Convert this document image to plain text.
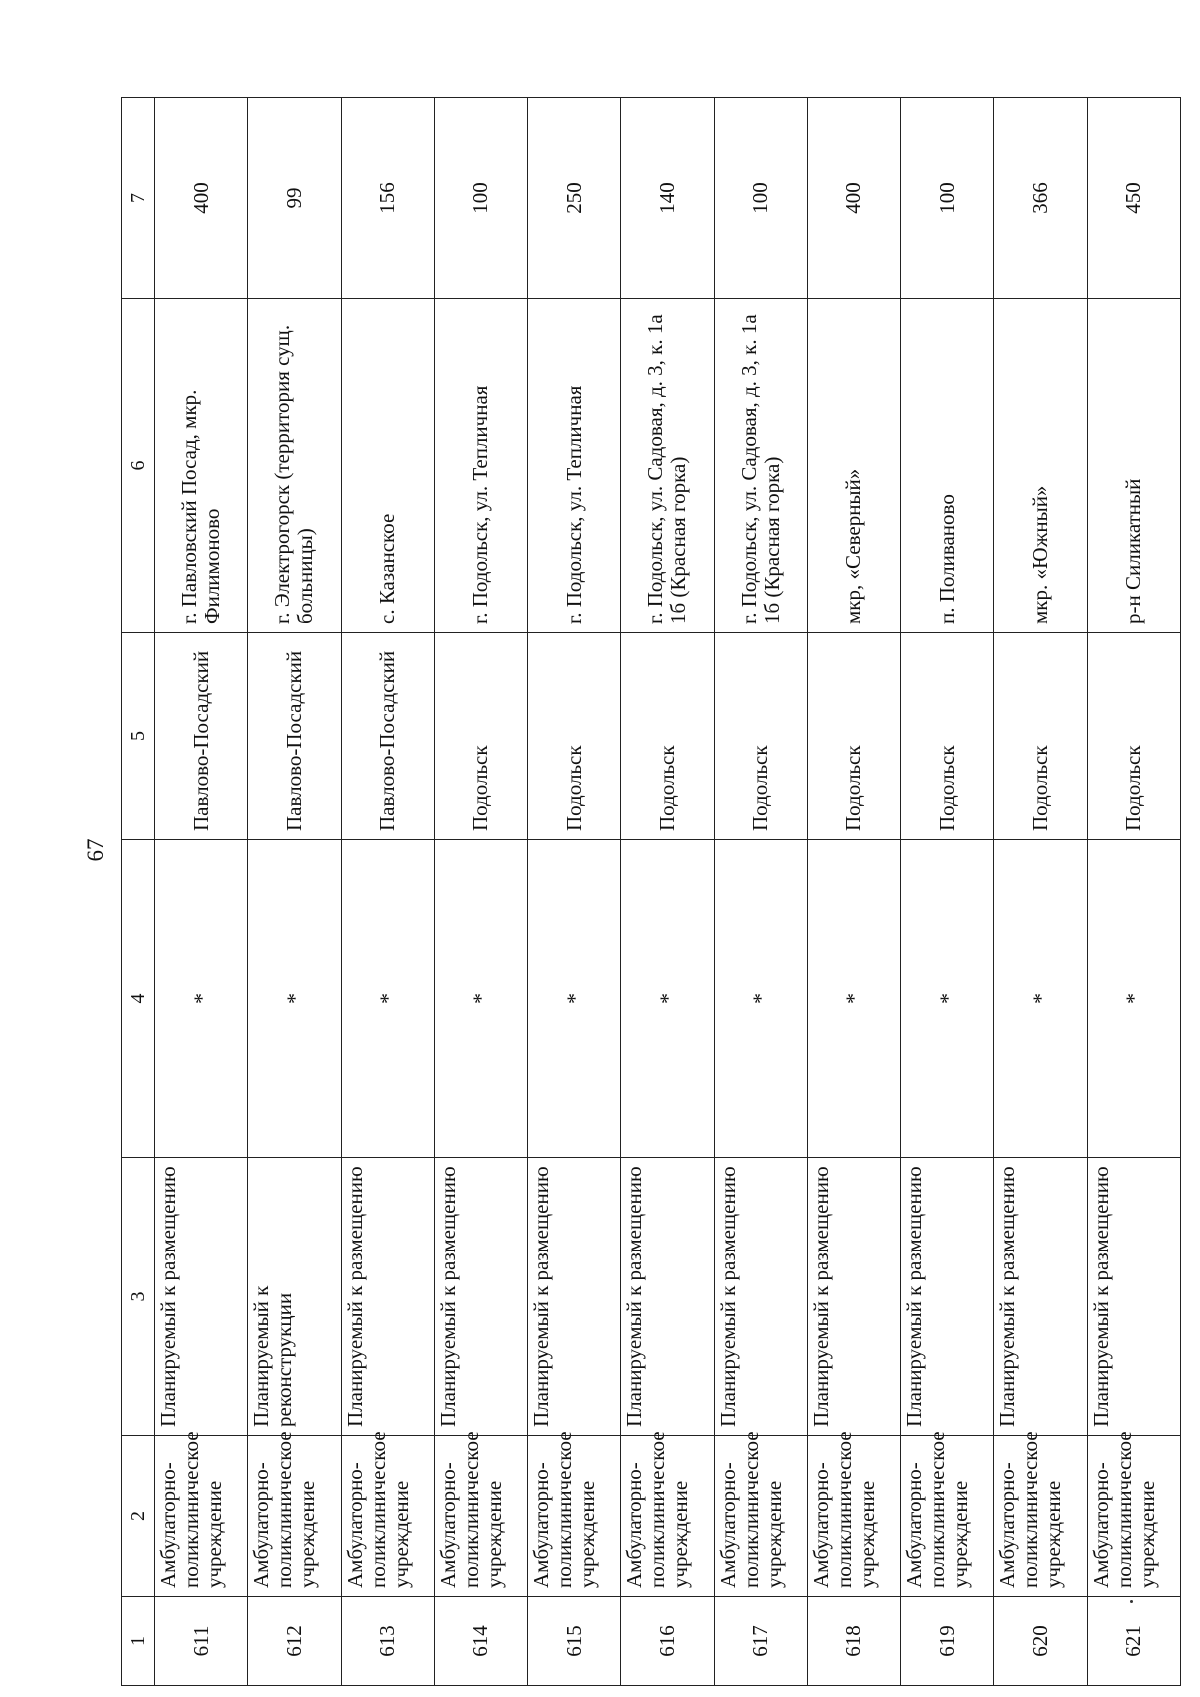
67
1	2	3	4	5	6	7
611	Амбулаторно-поликлиническое учреждение	Планируемый к размещению	*	Павлово-Посадский	г. Павловский Посад, мкр. Филимоново	400
612	Амбулаторно-поликлиническое учреждение	Планируемый к реконструкции	*	Павлово-Посадский	г. Электрогорск (территория сущ. больницы)	99
613	Амбулаторно-поликлиническое учреждение	Планируемый к размещению	*	Павлово-Посадский	с. Казанское	156
614	Амбулаторно-поликлиническое учреждение	Планируемый к размещению	*	Подольск	г. Подольск, ул. Тепличная	100
615	Амбулаторно-поликлиническое учреждение	Планируемый к размещению	*	Подольск	г. Подольск, ул. Тепличная	250
616	Амбулаторно-поликлиническое учреждение	Планируемый к размещению	*	Подольск	г. Подольск, ул. Садовая, д. 3, к. 1а 1б (Красная горка)	140
617	Амбулаторно-поликлиническое учреждение	Планируемый к размещению	*	Подольск	г. Подольск, ул. Садовая, д. 3, к. 1а 1б (Красная горка)	100
618	Амбулаторно-поликлиническое учреждение	Планируемый к размещению	*	Подольск	мкр, «Северный»	400
619	Амбулаторно-поликлиническое учреждение	Планируемый к размещению	*	Подольск	п. Поливаново	100
620	Амбулаторно-поликлиническое учреждение	Планируемый к размещению	*	Подольск	мкр. «Южный»	366
621	Амбулаторно-поликлиническое учреждение	Планируемый к размещению	*	Подольск	р-н Силикатный	450
